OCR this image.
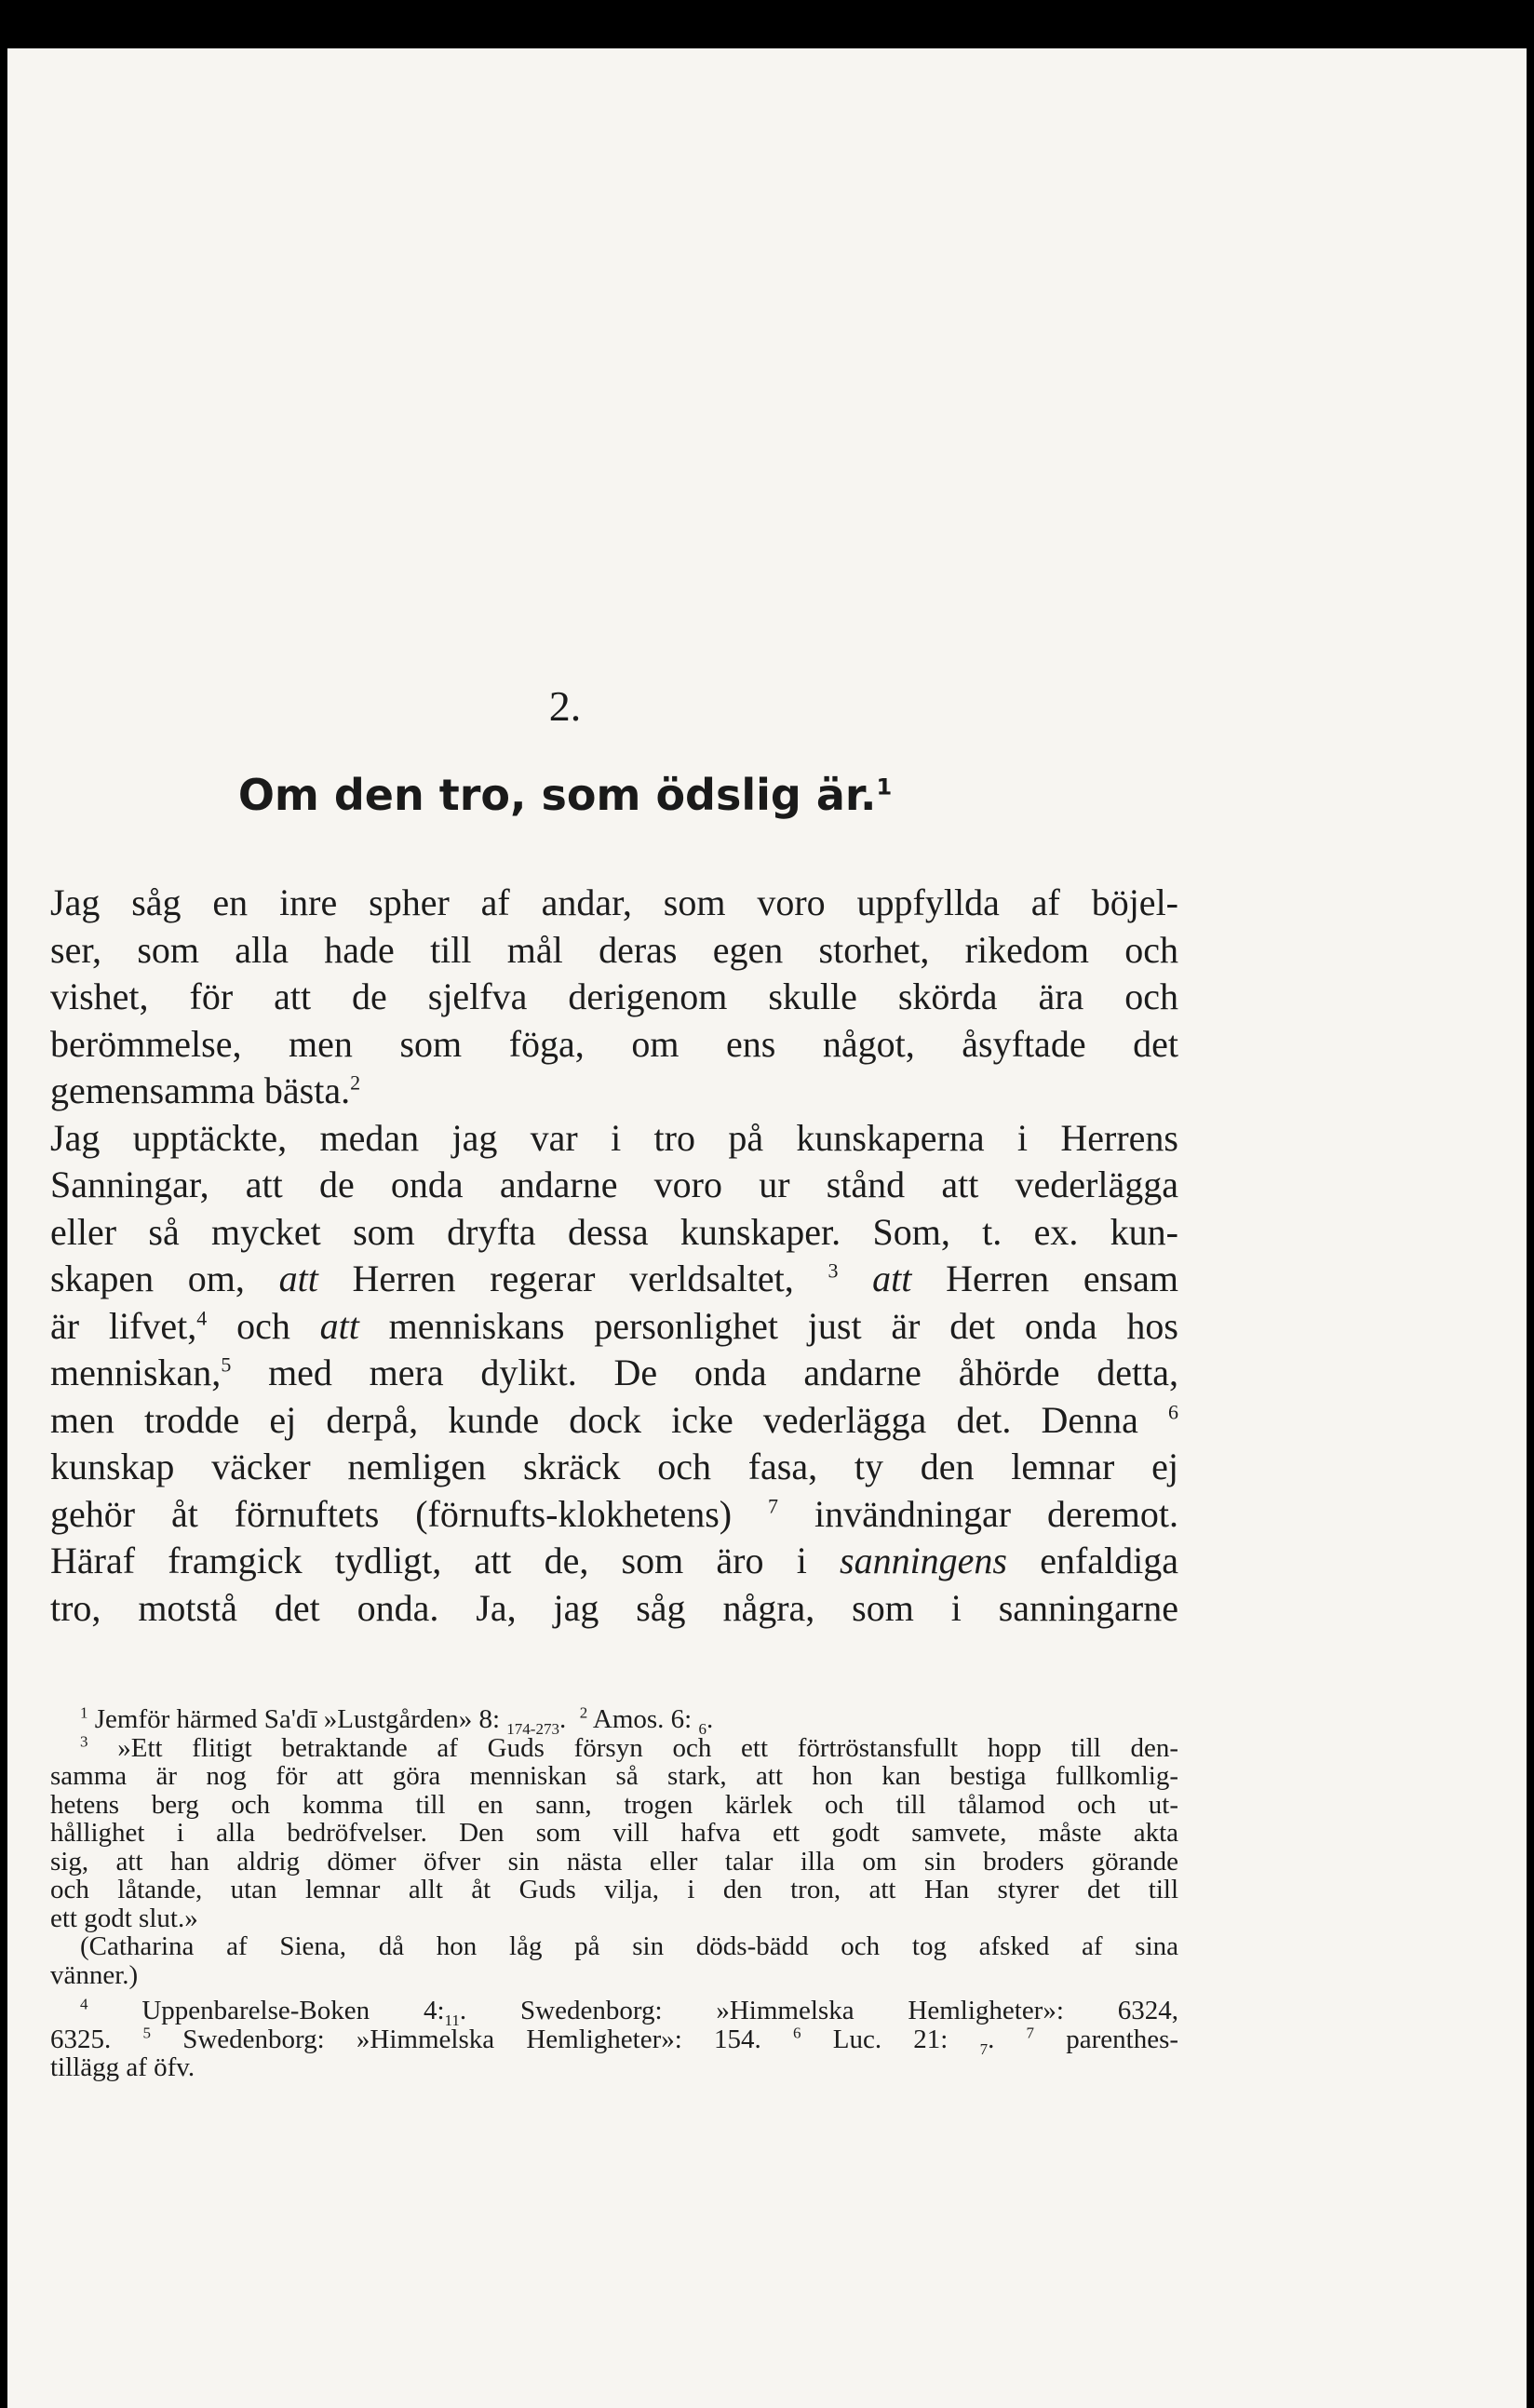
2.
Om den tro, som ödslig är.$^1$
Jag såg en inre spher af andar, som voro uppfyllda af böjel-
ser, som alla hade till mål deras egen storhet, rikedom och
vishet, för att de sjelfva derigenom skulle skörda ära och
berömmelse, men som föga, om ens något, åsyftade det
gemensamma bästa.$^2$
Jag upptäckte, medan jag var i tro på kunskaperna i Herrens
Sanningar, att de onda andarne voro ur stånd att vederlägga
eller så mycket som dryfta dessa kunskaper. Som, t. ex. kun-
skapen om, att Herren regerar verldsaltet, $^3$ att Herren ensam
är lifvet,$^4$ och att menniskans personlighet just är det onda hos
menniskan,$^5$ med mera dylikt. De onda andarne åhörde detta,
men trodde ej derpå, kunde dock icke vederlägga det. Denna $^6$
kunskap väcker nemligen skräck och fasa, ty den lemnar ej
gehör åt förnuftets (förnufts-klokhetens) $^7$ invändningar deremot.
Häraf framgick tydligt, att de, som äro i sanningens enfaldiga
tro, motstå det onda. Ja, jag såg några, som i sanningarne
$^1$ Jemför härmed Sa'dī »Lustgården» 8: $_{174-273}$. $^2$ Amos. 6: $_6$.
$^3$ »Ett flitigt betraktande af Guds försyn och ett förtröstansfullt hopp till den-
samma är nog för att göra menniskan så stark, att hon kan bestiga fullkomlig-
hetens berg och komma till en sann, trogen kärlek och till tålamod och ut-
hållighet i alla bedröfvelser. Den som vill hafva ett godt samvete, måste akta
sig, att han aldrig dömer öfver sin nästa eller talar illa om sin broders görande
och låtande, utan lemnar allt åt Guds vilja, i den tron, att Han styrer det till
ett godt slut.»
(Catharina af Siena, då hon låg på sin döds-bädd och tog afsked af sina
vänner.)
$^4$ Uppenbarelse-Boken $4:_{11}$. Swedenborg: »Himmelska Hemligheter»: 6324,
6325. $^5$ Swedenborg: »Himmelska Hemligheter»: 154. $^6$ Luc. 21: $_7$. $^7$ parenthes-
tillägg af öfv.
